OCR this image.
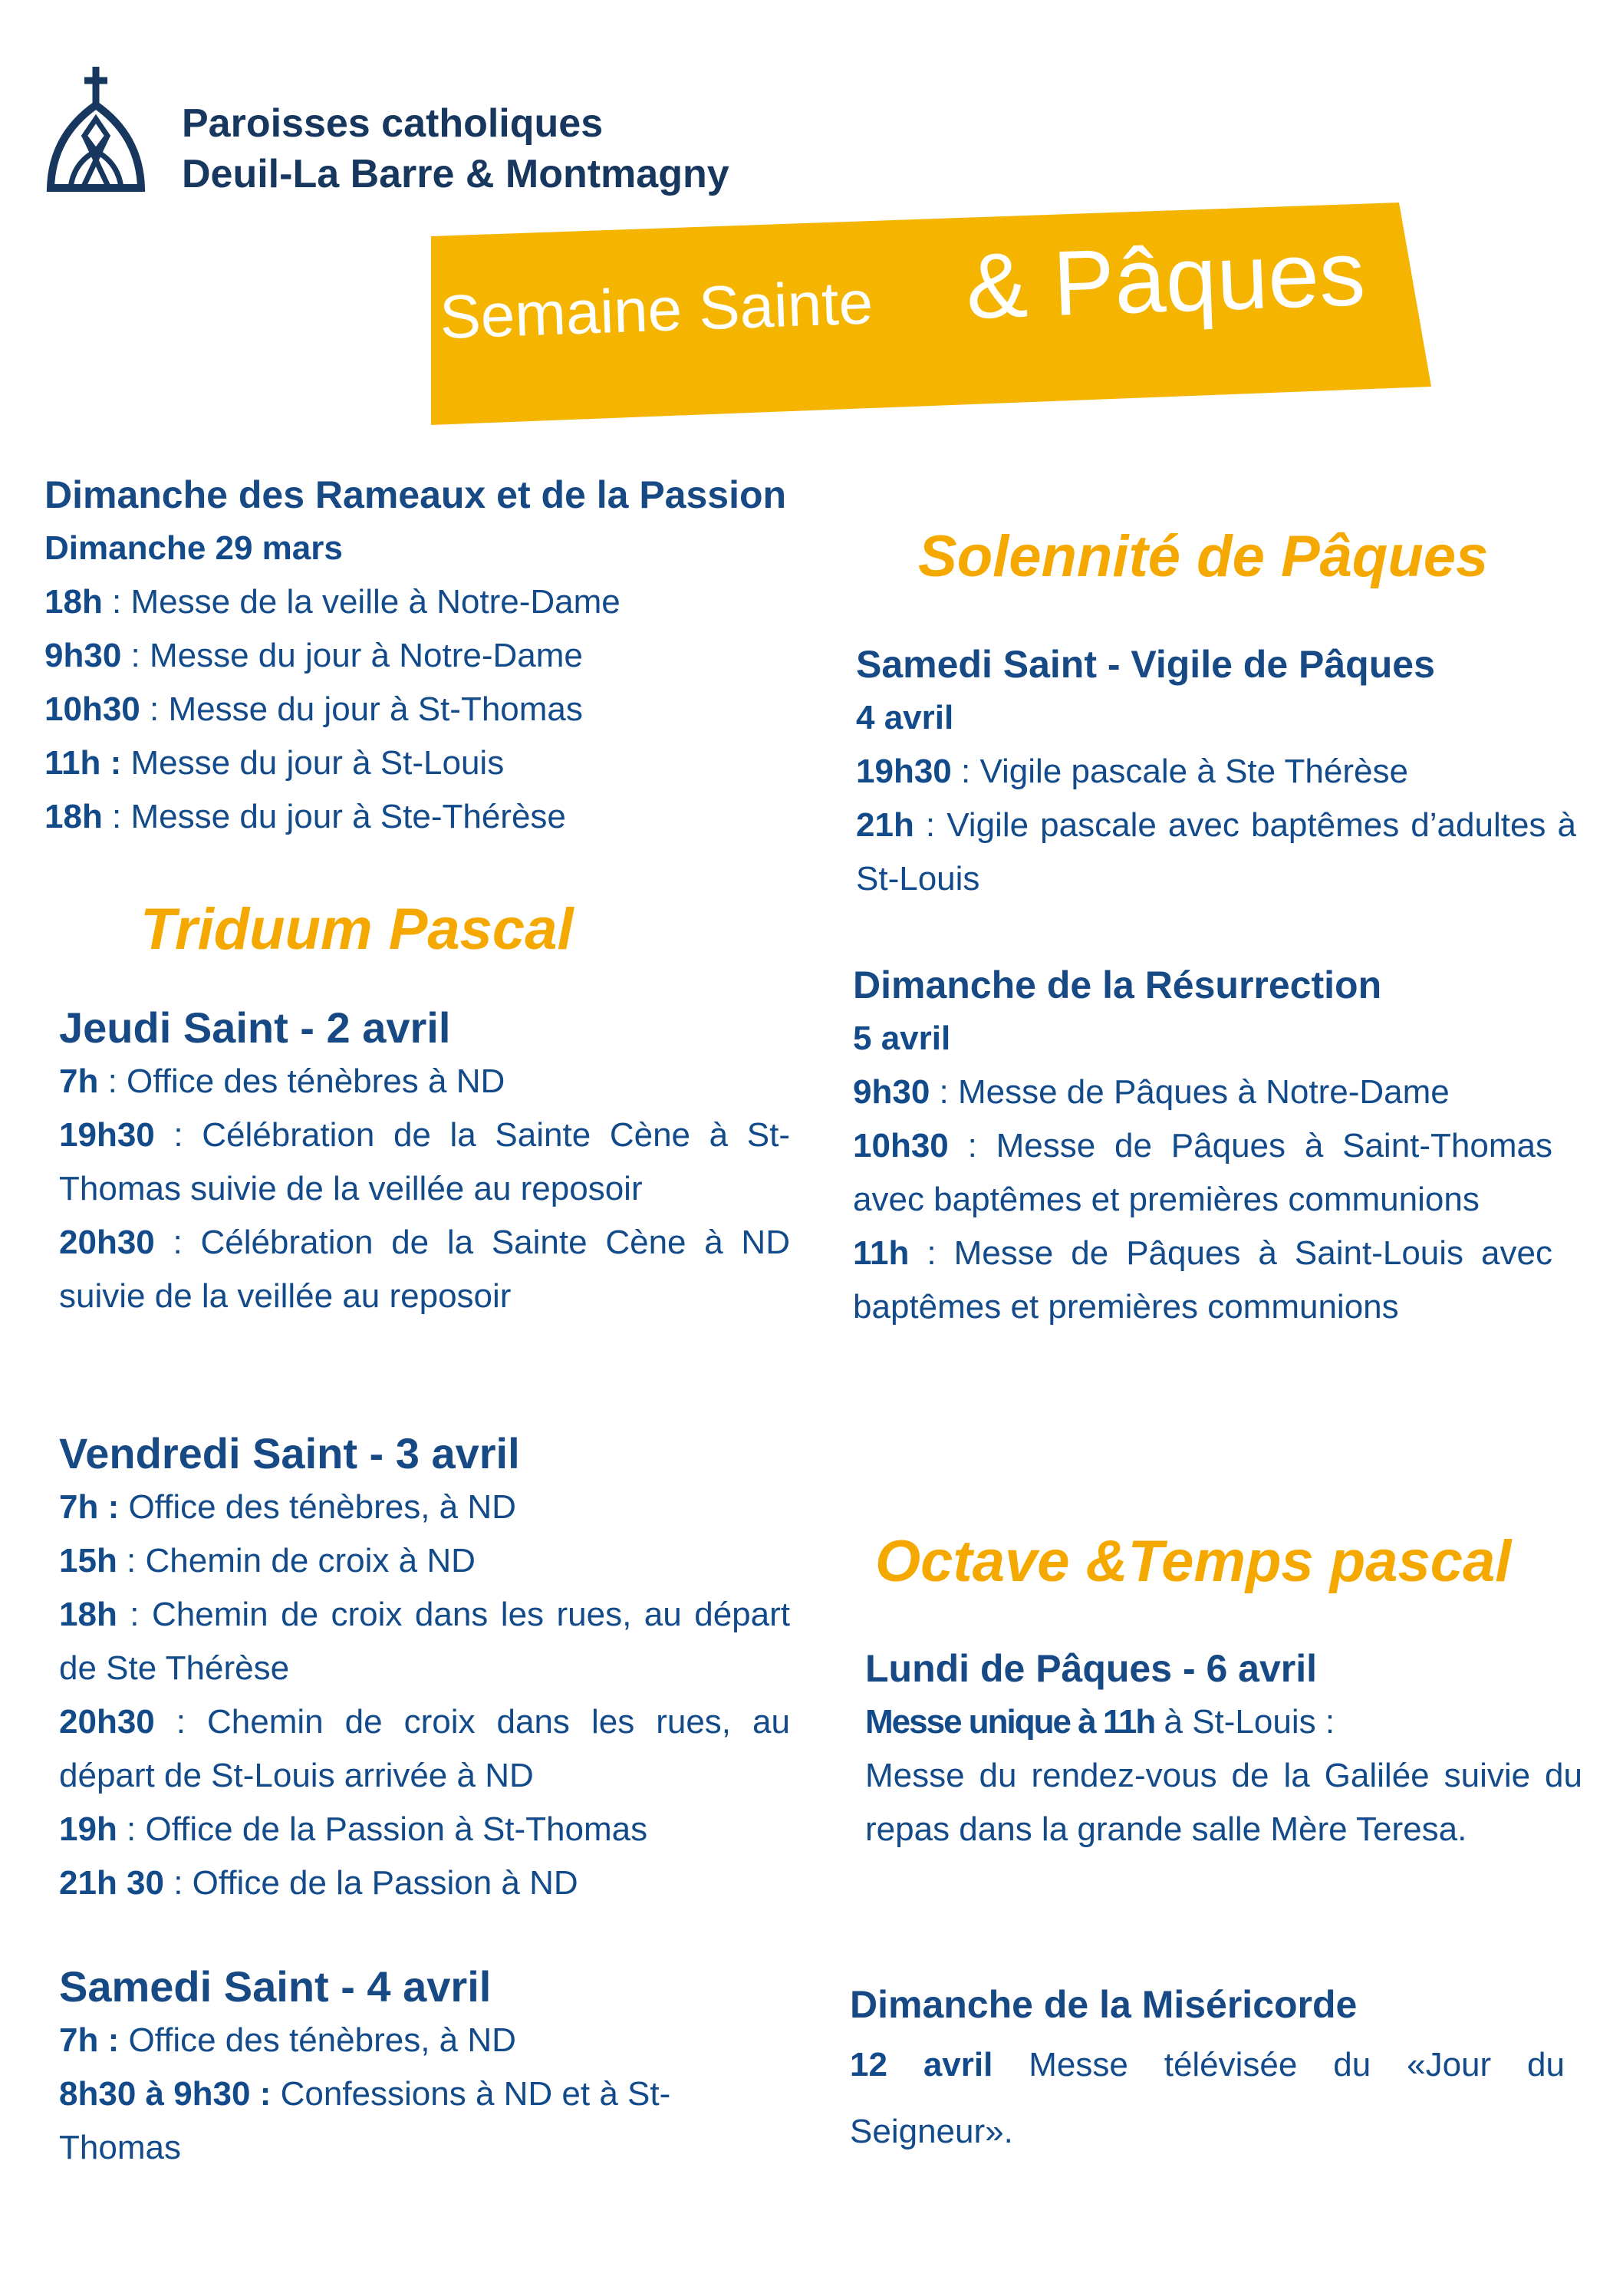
Paroisses catholiques
Deuil-La Barre & Montmagny
Semaine Sainte & Pâques
Dimanche des Rameaux et de la Passion
Dimanche 29 mars
18h : Messe de la veille à Notre-Dame
9h30 : Messe du jour à Notre-Dame
10h30 : Messe du jour à St-Thomas
11h : Messe du jour à St-Louis
18h : Messe du jour à Ste-Thérèse
Triduum Pascal
Jeudi Saint - 2 avril
7h : Office des ténèbres à ND
19h30 : Célébration de la Sainte Cène à St-Thomas suivie de la veillée au reposoir
20h30 : Célébration de la Sainte Cène à ND suivie de la veillée au reposoir
Vendredi Saint - 3 avril
7h : Office des ténèbres, à ND
15h : Chemin de croix à ND
18h : Chemin de croix dans les rues, au départ de Ste Thérèse
20h30 : Chemin de croix dans les rues, au départ de St-Louis arrivée à ND
19h : Office de la Passion à St-Thomas
21h 30 : Office de la Passion à ND
Samedi Saint - 4 avril
7h : Office des ténèbres, à ND
8h30 à 9h30 : Confessions à ND et à St-Thomas
Solennité de Pâques
Samedi Saint - Vigile de Pâques
4 avril
19h30 : Vigile pascale à Ste Thérèse
21h : Vigile pascale avec baptêmes d’adultes à St-Louis
Dimanche de la Résurrection
5 avril
9h30 : Messe de Pâques à Notre-Dame
10h30 : Messe de Pâques à Saint-Thomas avec baptêmes et premières communions
11h : Messe de Pâques à Saint-Louis avec baptêmes et premières communions
Octave &Temps pascal
Lundi de Pâques - 6 avril
Messe unique à 11h à St-Louis :
Messe du rendez-vous de la Galilée suivie du repas dans la grande salle Mère Teresa.
Dimanche de la Miséricorde
12 avril Messe télévisée du «Jour du Seigneur».
